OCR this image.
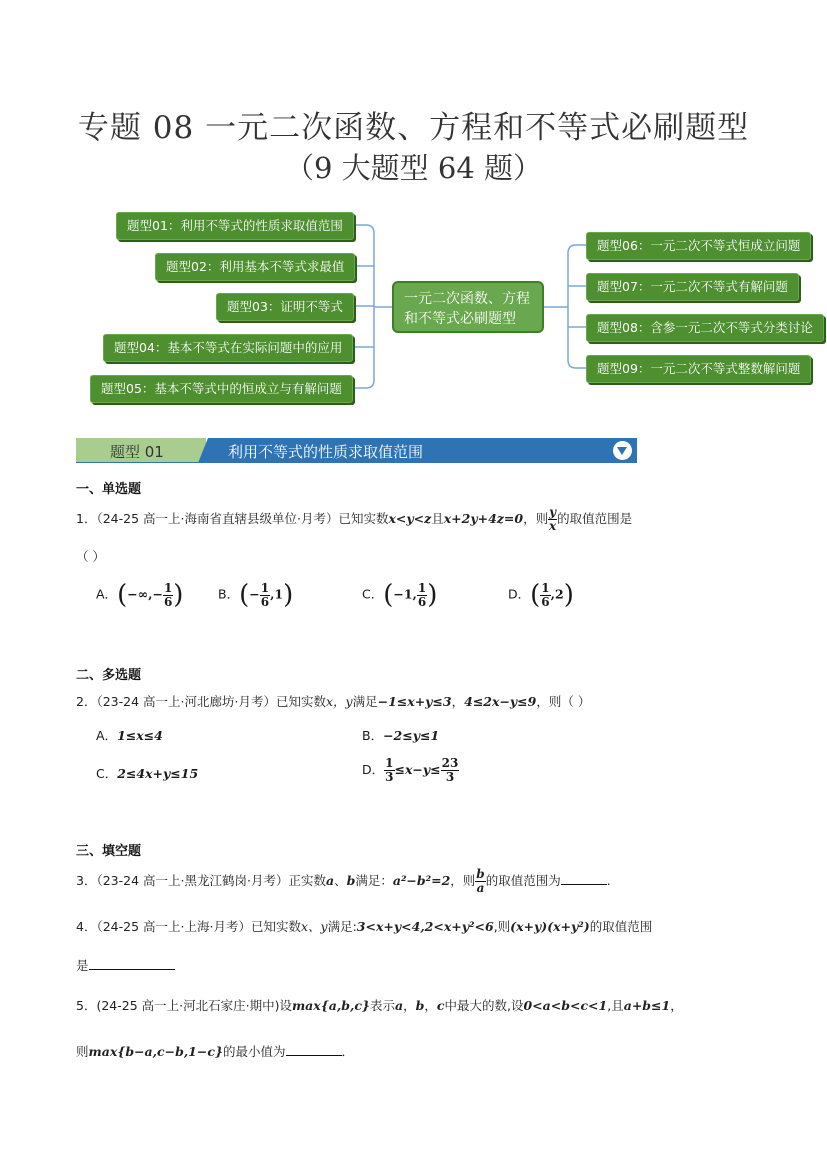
专题 08 一元二次函数、方程和不等式必刷题型
（9 大题型 64 题）
题型01：利用不等式的性质求取值范围
题型02：利用基本不等式求最值
题型03：证明不等式
题型04：基本不等式在实际问题中的应用
题型05：基本不等式中的恒成立与有解问题
一元二次函数、方程和不等式必刷题型
题型06：一元二次不等式恒成立问题
题型07：一元二次不等式有解问题
题型08：含参一元二次不等式分类讨论
题型09：一元二次不等式整数解问题
题型 01	利用不等式的性质求取值范围
一、单选题
1．（24-25 高一上·海南省直辖县级单位·月考）已知实数x<y<z且x+2y+4z=0，则 $\frac{y}{x}$ 的取值范围是
（ ）
A．(−∞,− $\frac{1}{6}$ )	B．(− $\frac{1}{6} ,1$)	C．(−1, $\frac{1}{6}$ )	D．( $\frac{1}{6} ,2$)
二、多选题
2．（23-24 高一上·河北廊坊·月考）已知实数x，y满足−1≤x+y≤3，4≤2x−y≤9，则（ ）
A．1≤x≤4	B．−2≤y≤1
C．2≤4x+y≤15	D． $\frac{1}{3} \le x-y\le \frac{23}{3}$
三、填空题
3．（23-24 高一上·黑龙江鹤岗·月考）正实数a、b满足：a²−b²=2，则 $\frac{b}{a}$ 的取值范围为	.
4．（24-25 高一上·上海·月考）已知实数x、y满足:3<x+y<4,2<x+y²<6,则(x+y)(x+y²)的取值范围
是
5．(24-25 高一上·河北石家庄·期中)设max{a,b,c}表示a，b，c中最大的数,设0<a<b<c<1,且a+b≤1，
则max{b−a,c−b,1−c}的最小值为	．
